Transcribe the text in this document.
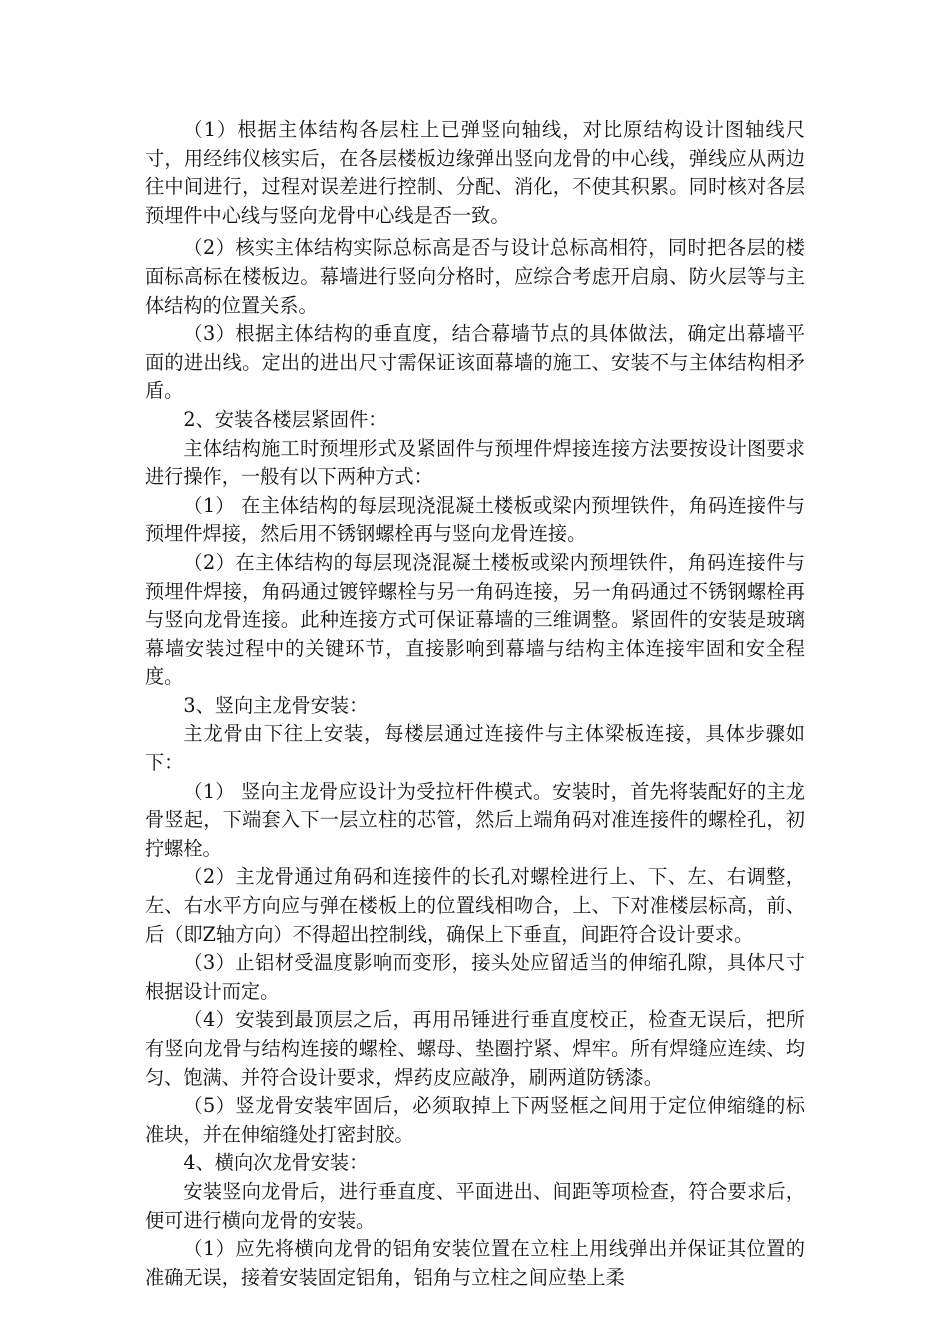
（1）根据主体结构各层柱上已弹竖向轴线，对比原结构设计图轴线尺寸，用经纬仪核实后，在各层楼板边缘弹出竖向龙骨的中心线，弹线应从两边往中间进行，过程对误差进行控制、分配、消化，不使其积累。同时核对各层预埋件中心线与竖向龙骨中心线是否一致。

（2）核实主体结构实际总标高是否与设计总标高相符，同时把各层的楼面标高标在楼板边。幕墙进行竖向分格时，应综合考虑开启扇、防火层等与主体结构的位置关系。

（3）根据主体结构的垂直度，结合幕墙节点的具体做法，确定出幕墙平面的进出线。定出的进出尺寸需保证该面幕墙的施工、安装不与主体结构相矛盾。

2、安装各楼层紧固件：

主体结构施工时预埋形式及紧固件与预埋件焊接连接方法要按设计图要求进行操作，一般有以下两种方式：

（1） 在主体结构的每层现浇混凝土楼板或梁内预埋铁件，角码连接件与预埋件焊接，然后用不锈钢螺栓再与竖向龙骨连接。

（2）在主体结构的每层现浇混凝土楼板或梁内预埋铁件，角码连接件与预埋件焊接，角码通过镀锌螺栓与另一角码连接，另一角码通过不锈钢螺栓再与竖向龙骨连接。此种连接方式可保证幕墙的三维调整。紧固件的安装是玻璃幕墙安装过程中的关键环节，直接影响到幕墙与结构主体连接牢固和安全程度。

3、竖向主龙骨安装：

主龙骨由下往上安装，每楼层通过连接件与主体梁板连接，具体步骤如下：

（1） 竖向主龙骨应设计为受拉杆件模式。安装时，首先将装配好的主龙骨竖起，下端套入下一层立柱的芯管，然后上端角码对准连接件的螺栓孔，初拧螺栓。

（2）主龙骨通过角码和连接件的长孔对螺栓进行上、下、左、右调整，左、右水平方向应与弹在楼板上的位置线相吻合，上、下对准楼层标高，前、后（即Z轴方向）不得超出控制线，确保上下垂直，间距符合设计要求。

（3）止铝材受温度影响而变形，接头处应留适当的伸缩孔隙，具体尺寸根据设计而定。

（4）安装到最顶层之后，再用吊锤进行垂直度校正，检查无误后，把所有竖向龙骨与结构连接的螺栓、螺母、垫圈拧紧、焊牢。所有焊缝应连续、均匀、饱满、并符合设计要求，焊药皮应敲净，刷两道防锈漆。

（5）竖龙骨安装牢固后，必须取掉上下两竖框之间用于定位伸缩缝的标准块，并在伸缩缝处打密封胶。

4、横向次龙骨安装：

安装竖向龙骨后，进行垂直度、平面进出、间距等项检查，符合要求后，便可进行横向龙骨的安装。

（1）应先将横向龙骨的铝角安装位置在立柱上用线弹出并保证其位置的准确无误，接着安装固定铝角，铝角与立柱之间应垫上柔
